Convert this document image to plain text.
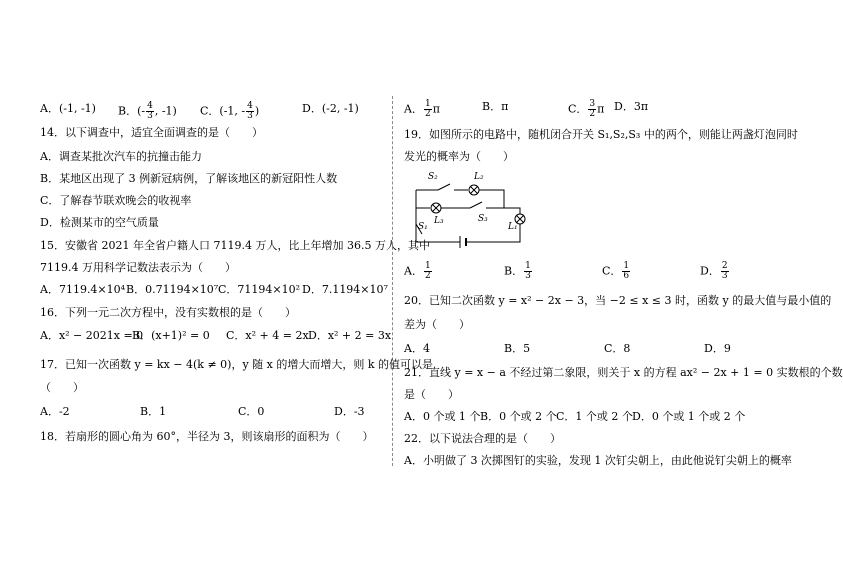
A．(-1, -1) B．(- $\frac{4}{3}$ , -1) C．(-1, - $\frac{4}{3}$ )	D．(-2, -1)
14．以下调查中，适宜全面调查的是（　　）
A．调查某批次汽车的抗撞击能力
B．某地区出现了 3 例新冠病例，了解该地区的新冠阳性人数
C．了解春节联欢晚会的收视率
D．检测某市的空气质量
15．安徽省 2021 年全省户籍人口 7119.4 万人，比上年增加 36.5 万人，其中
7119.4 万用科学记数法表示为（　　）
A．7119.4×10⁴ B．0.71194×10⁷ C．71194×10² D．7.1194×10⁷
16．下列一元二次方程中，没有实数根的是（　　）
A．x² − 2021x = 0
B．(x+1)² = 0 C．x² + 4 = 2x D．x² + 2 = 3x
17．已知一次函数 y = kx − 4(k ≠ 0)，y 随 x 的增大而增大，则 k 的值可以是
（　　）
A．-2	B．1	C．0	D．-3
18．若扇形的圆心角为 60°，半径为 3，则该扇形的面积为（　　）
A． $\frac{1}{2}$ π	B．π	C． $\frac{3}{2}$ π D．3π
19．如图所示的电路中，随机闭合开关 S₁,S₂,S₃ 中的两个，则能让两盏灯泡同时
发光的概率为（　　）
A． $\frac{1}{2}$	B． $\frac{1}{3}$	C． $\frac{1}{6}$	D． $\frac{2}{3}$
20．已知二次函数 y = x² − 2x − 3，当 −2 ≤ x ≤ 3 时，函数 y 的最大值与最小值的
差为（　　）
A．4	B．5	C．8	D．9
21．直线 y = x − a 不经过第二象限，则关于 x 的方程 ax² − 2x + 1 = 0 实数根的个数
是（　　）
A．0 个或 1 个 B．0 个或 2 个 C．1 个或 2 个 D．0 个或 1 个或 2 个
22．以下说法合理的是（　　）
A．小明做了 3 次掷图钉的实验，发现 1 次钉尖朝上，由此他说钉尖朝上的概率
S₂	L₂
L₃	S₃
S₁	L₁
